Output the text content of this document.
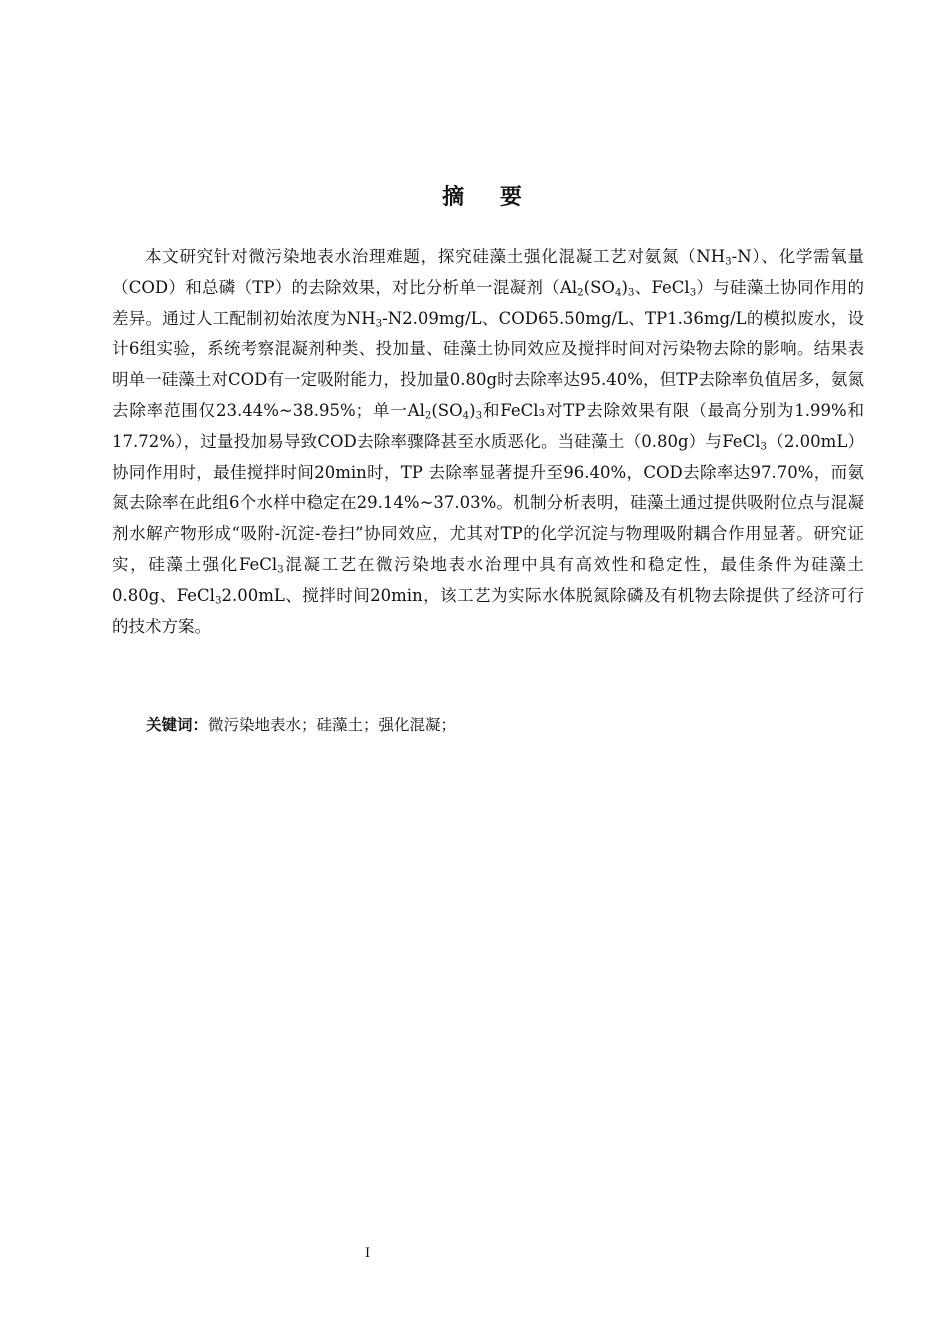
摘 要

本文研究针对微污染地表水治理难题，探究硅藻土强化混凝工艺对氨氮$(NH_3-N)$、化学需氧量（COD）和总磷（TP）的去除效果，对比分析单一混凝剂（$Al_2(SO_4)_3$、FeCl$_3$）与硅藻土协同作用的差异。通过人工配制初始浓度为$NH_3-N2.09mg/L$、COD65.50mg/L、TP1.36mg/L的模拟废水，设计6组实验，系统考察混凝剂种类、投加量、硅藻土协同效应及搅拌时间对污染物去除的影响。结果表明单一硅藻土对COD有一定吸附能力，投加量0.80g时去除率达95.40%，但TP去除率负值居多，氨氮去除率范围仅23.44%~38.95%；单一$Al_2(SO_4)_3$和FeCl₃对TP去除效果有限（最高分别为1.99%和17.72%），过量投加易导致COD去除率骤降甚至水质恶化。当硅藻土（0.80g）与FeCl$_3$（2.00mL）协同作用时，最佳搅拌时间20min时，TP 去除率显著提升至96.40%，COD去除率达97.70%，而氨氮去除率在此组6个水样中稳定在29.14%~37.03%。机制分析表明，硅藻土通过提供吸附位点与混凝剂水解产物形成“吸附-沉淀-卷扫”协同效应，尤其对TP的化学沉淀与物理吸附耦合作用显著。研究证实，硅藻土强化FeCl$_3$混凝工艺在微污染地表水治理中具有高效性和稳定性，最佳条件为硅藻土0.80g、FeCl$_3$2.00mL、搅拌时间20min，该工艺为实际水体脱氮除磷及有机物去除提供了经济可行的技术方案。

关键词：微污染地表水；硅藻土；强化混凝；

I
